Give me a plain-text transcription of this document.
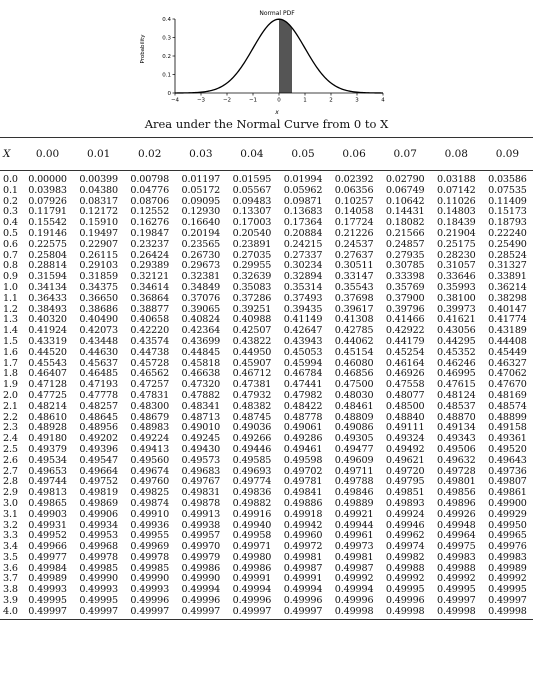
Normal PDF
Probability
x
−4	−3	−2	−1	0	1	2	3	4
0
0.1
0.2
0.3
0.4
Area under the Normal Curve from 0 to X
X	0.00	0.01	0.02	0.03	0.04	0.05	0.06	0.07	0.08	0.09
0.0	0.00000	0.00399	0.00798	0.01197	0.01595	0.01994	0.02392	0.02790	0.03188	0.03586
0.1	0.03983	0.04380	0.04776	0.05172	0.05567	0.05962	0.06356	0.06749	0.07142	0.07535
0.2	0.07926	0.08317	0.08706	0.09095	0.09483	0.09871	0.10257	0.10642	0.11026	0.11409
0.3	0.11791	0.12172	0.12552	0.12930	0.13307	0.13683	0.14058	0.14431	0.14803	0.15173
0.4	0.15542	0.15910	0.16276	0.16640	0.17003	0.17364	0.17724	0.18082	0.18439	0.18793
0.5	0.19146	0.19497	0.19847	0.20194	0.20540	0.20884	0.21226	0.21566	0.21904	0.22240
0.6	0.22575	0.22907	0.23237	0.23565	0.23891	0.24215	0.24537	0.24857	0.25175	0.25490
0.7	0.25804	0.26115	0.26424	0.26730	0.27035	0.27337	0.27637	0.27935	0.28230	0.28524
0.8	0.28814	0.29103	0.29389	0.29673	0.29955	0.30234	0.30511	0.30785	0.31057	0.31327
0.9	0.31594	0.31859	0.32121	0.32381	0.32639	0.32894	0.33147	0.33398	0.33646	0.33891
1.0	0.34134	0.34375	0.34614	0.34849	0.35083	0.35314	0.35543	0.35769	0.35993	0.36214
1.1	0.36433	0.36650	0.36864	0.37076	0.37286	0.37493	0.37698	0.37900	0.38100	0.38298
1.2	0.38493	0.38686	0.38877	0.39065	0.39251	0.39435	0.39617	0.39796	0.39973	0.40147
1.3	0.40320	0.40490	0.40658	0.40824	0.40988	0.41149	0.41308	0.41466	0.41621	0.41774
1.4	0.41924	0.42073	0.42220	0.42364	0.42507	0.42647	0.42785	0.42922	0.43056	0.43189
1.5	0.43319	0.43448	0.43574	0.43699	0.43822	0.43943	0.44062	0.44179	0.44295	0.44408
1.6	0.44520	0.44630	0.44738	0.44845	0.44950	0.45053	0.45154	0.45254	0.45352	0.45449
1.7	0.45543	0.45637	0.45728	0.45818	0.45907	0.45994	0.46080	0.46164	0.46246	0.46327
1.8	0.46407	0.46485	0.46562	0.46638	0.46712	0.46784	0.46856	0.46926	0.46995	0.47062
1.9	0.47128	0.47193	0.47257	0.47320	0.47381	0.47441	0.47500	0.47558	0.47615	0.47670
2.0	0.47725	0.47778	0.47831	0.47882	0.47932	0.47982	0.48030	0.48077	0.48124	0.48169
2.1	0.48214	0.48257	0.48300	0.48341	0.48382	0.48422	0.48461	0.48500	0.48537	0.48574
2.2	0.48610	0.48645	0.48679	0.48713	0.48745	0.48778	0.48809	0.48840	0.48870	0.48899
2.3	0.48928	0.48956	0.48983	0.49010	0.49036	0.49061	0.49086	0.49111	0.49134	0.49158
2.4	0.49180	0.49202	0.49224	0.49245	0.49266	0.49286	0.49305	0.49324	0.49343	0.49361
2.5	0.49379	0.49396	0.49413	0.49430	0.49446	0.49461	0.49477	0.49492	0.49506	0.49520
2.6	0.49534	0.49547	0.49560	0.49573	0.49585	0.49598	0.49609	0.49621	0.49632	0.49643
2.7	0.49653	0.49664	0.49674	0.49683	0.49693	0.49702	0.49711	0.49720	0.49728	0.49736
2.8	0.49744	0.49752	0.49760	0.49767	0.49774	0.49781	0.49788	0.49795	0.49801	0.49807
2.9	0.49813	0.49819	0.49825	0.49831	0.49836	0.49841	0.49846	0.49851	0.49856	0.49861
3.0	0.49865	0.49869	0.49874	0.49878	0.49882	0.49886	0.49889	0.49893	0.49896	0.49900
3.1	0.49903	0.49906	0.49910	0.49913	0.49916	0.49918	0.49921	0.49924	0.49926	0.49929
3.2	0.49931	0.49934	0.49936	0.49938	0.49940	0.49942	0.49944	0.49946	0.49948	0.49950
3.3	0.49952	0.49953	0.49955	0.49957	0.49958	0.49960	0.49961	0.49962	0.49964	0.49965
3.4	0.49966	0.49968	0.49969	0.49970	0.49971	0.49972	0.49973	0.49974	0.49975	0.49976
3.5	0.49977	0.49978	0.49978	0.49979	0.49980	0.49981	0.49981	0.49982	0.49983	0.49983
3.6	0.49984	0.49985	0.49985	0.49986	0.49986	0.49987	0.49987	0.49988	0.49988	0.49989
3.7	0.49989	0.49990	0.49990	0.49990	0.49991	0.49991	0.49992	0.49992	0.49992	0.49992
3.8	0.49993	0.49993	0.49993	0.49994	0.49994	0.49994	0.49994	0.49995	0.49995	0.49995
3.9	0.49995	0.49995	0.49996	0.49996	0.49996	0.49996	0.49996	0.49996	0.49997	0.49997
4.0	0.49997	0.49997	0.49997	0.49997	0.49997	0.49997	0.49998	0.49998	0.49998	0.49998
